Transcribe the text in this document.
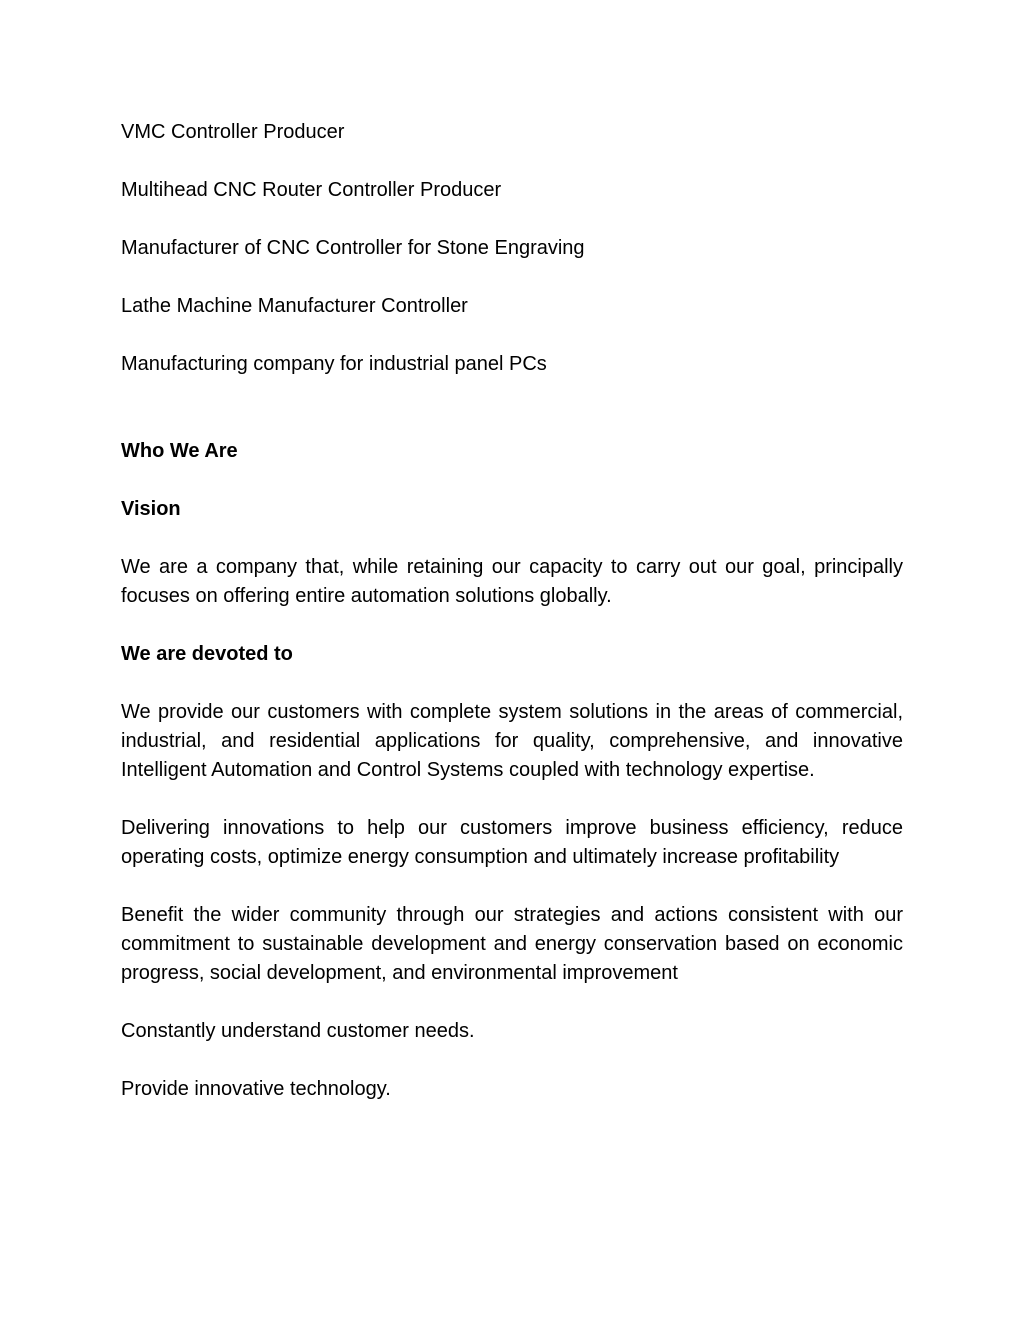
VMC Controller Producer

Multihead CNC Router Controller Producer

Manufacturer of CNC Controller for Stone Engraving

Lathe Machine Manufacturer Controller

Manufacturing company for industrial panel PCs

Who We Are

Vision

We are a company that, while retaining our capacity to carry out our goal, principally focuses on offering entire automation solutions globally.

We are devoted to

We provide our customers with complete system solutions in the areas of commercial, industrial, and residential applications for quality, comprehensive, and innovative Intelligent Automation and Control Systems coupled with technology expertise.

Delivering innovations to help our customers improve business efficiency, reduce operating costs, optimize energy consumption and ultimately increase profitability

Benefit the wider community through our strategies and actions consistent with our commitment to sustainable development and energy conservation based on economic progress, social development, and environmental improvement

Constantly understand customer needs.

Provide innovative technology.
